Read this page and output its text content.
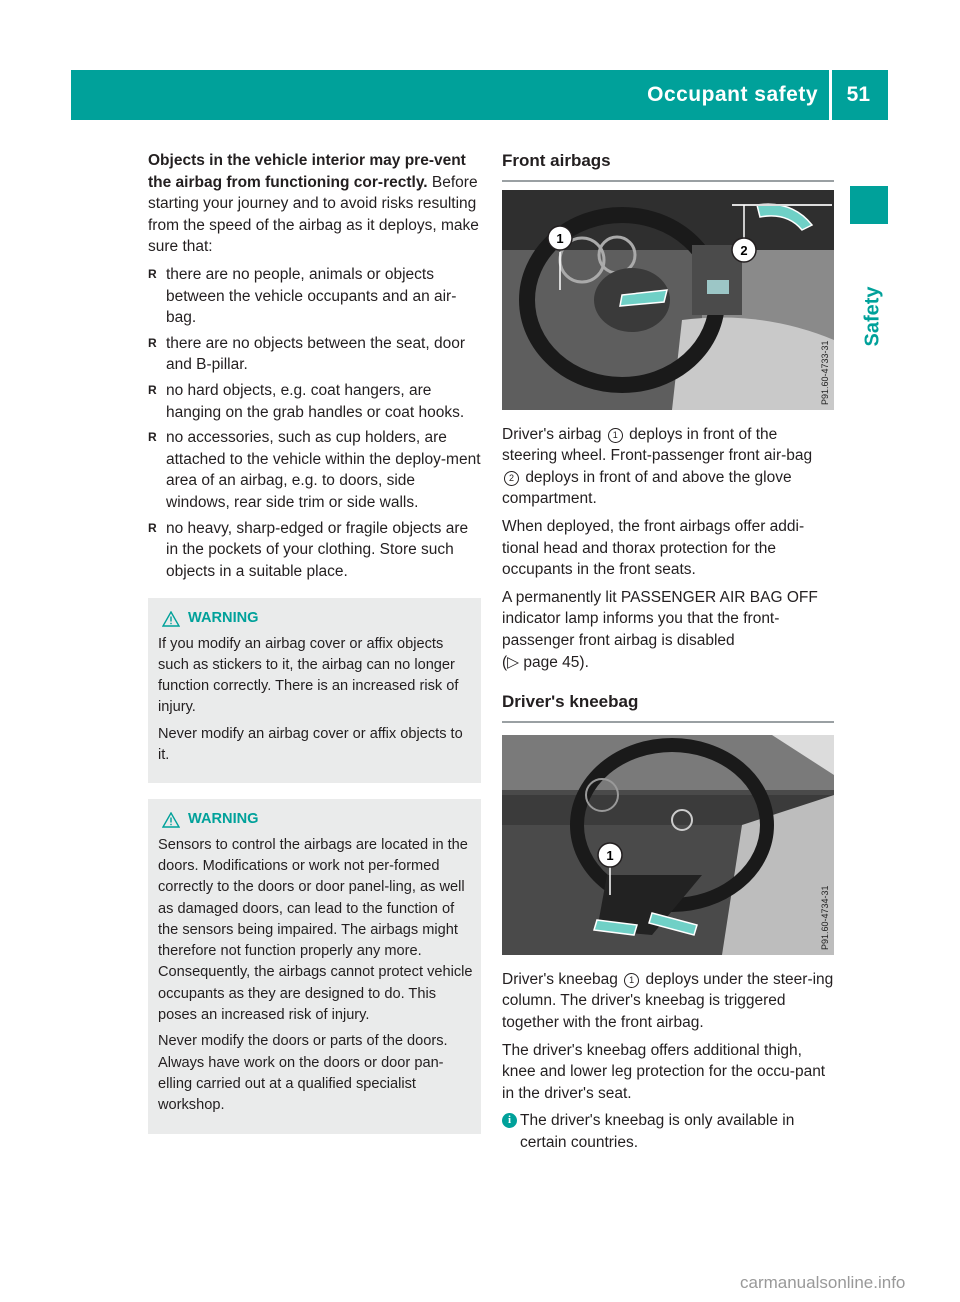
Occupant safety 51
Safety

Objects in the vehicle interior may pre-vent the airbag from functioning cor-rectly. Before starting your journey and to avoid risks resulting from the speed of the airbag as it deploys, make sure that:

R there are no people, animals or objects between the vehicle occupants and an air-bag.
R there are no objects between the seat, door and B-pillar.
R no hard objects, e.g. coat hangers, are hanging on the grab handles or coat hooks.
R no accessories, such as cup holders, are attached to the vehicle within the deploy-ment area of an airbag, e.g. to doors, side windows, rear side trim or side walls.
R no heavy, sharp-edged or fragile objects are in the pockets of your clothing. Store such objects in a suitable place.
WARNING

If you modify an airbag cover or affix objects such as stickers to it, the airbag can no longer function correctly. There is an increased risk of injury.

Never modify an airbag cover or affix objects to it.

WARNING

Sensors to control the airbags are located in the doors. Modifications or work not per-formed correctly to the doors or door panel-ling, as well as damaged doors, can lead to the function of the sensors being impaired. The airbags might therefore not function properly any more. Consequently, the airbags cannot protect vehicle occupants as they are designed to do. This poses an increased risk of injury.

Never modify the doors or parts of the doors. Always have work on the doors or door pan-elling carried out at a qualified specialist workshop.

Front airbags
1
2
P91.60-4733-31

Driver's airbag 1 deploys in front of the steering wheel. Front-passenger front air-bag 2 deploys in front of and above the glove compartment.

When deployed, the front airbags offer addi-tional head and thorax protection for the occupants in the front seats.

A permanently lit PASSENGER AIR BAG OFF indicator lamp informs you that the front-passenger front airbag is disabled
(▷ page 45).

Driver's kneebag
1
P91.60-4734-31

Driver's kneebag 1 deploys under the steer-ing column. The driver's kneebag is triggered together with the front airbag.

The driver's kneebag offers additional thigh, knee and lower leg protection for the occu-pant in the driver's seat.

i The driver's kneebag is only available in certain countries.
carmanualsonline.info
